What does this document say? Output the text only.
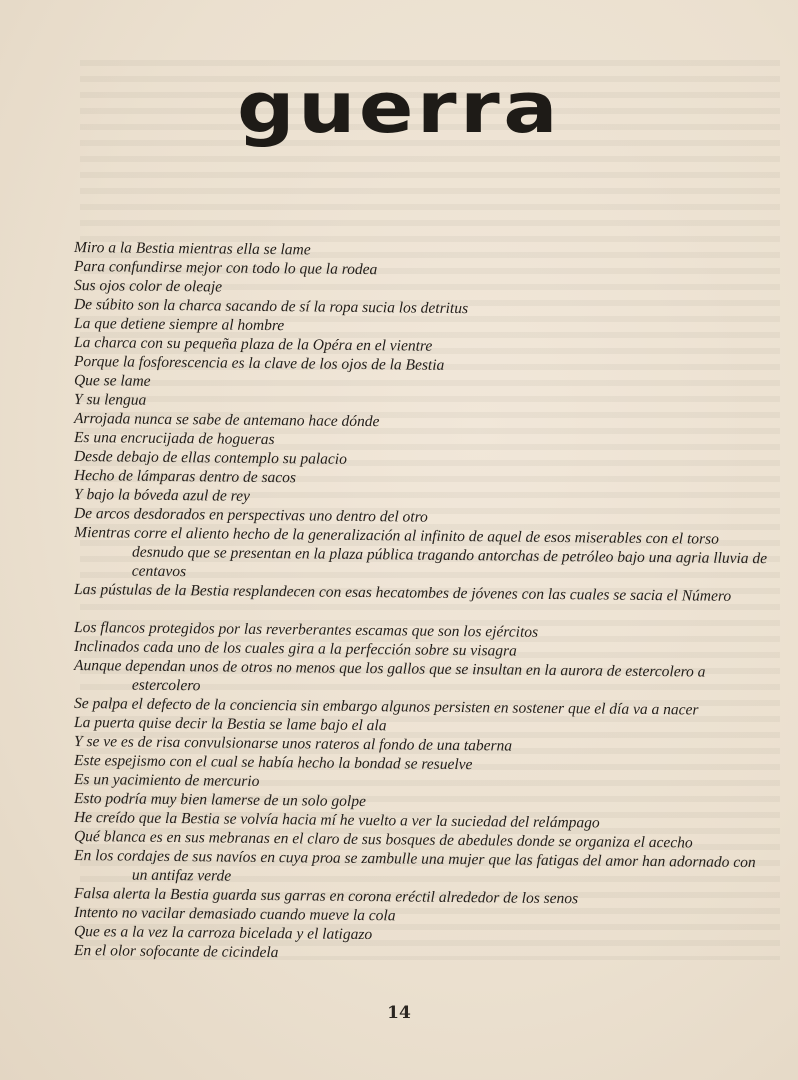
guerra
Miro a la Bestia mientras ella se lame
Para confundirse mejor con todo lo que la rodea
Sus ojos color de oleaje
De súbito son la charca sacando de sí la ropa sucia los detritus
La que detiene siempre al hombre
La charca con su pequeña plaza de la Opéra en el vientre
Porque la fosforescencia es la clave de los ojos de la Bestia
Que se lame
Y su lengua
Arrojada nunca se sabe de antemano hace dónde
Es una encrucijada de hogueras
Desde debajo de ellas contemplo su palacio
Hecho de lámparas dentro de sacos
Y bajo la bóveda azul de rey
De arcos desdorados en perspectivas uno dentro del otro
Mientras corre el aliento hecho de la generalización al infinito de aquel de esos miserables con el torso desnudo que se presentan en la plaza pública tragando antorchas de petróleo bajo una agria lluvia de centavos
Las pústulas de la Bestia resplandecen con esas hecatombes de jóvenes con las cuales se sacia el Número
Los flancos protegidos por las reverberantes escamas que son los ejércitos
Inclinados cada uno de los cuales gira a la perfección sobre su visagra
Aunque dependan unos de otros no menos que los gallos que se insultan en la aurora de estercolero a estercolero
Se palpa el defecto de la conciencia sin embargo algunos persisten en sostener que el día va a nacer
La puerta quise decir la Bestia se lame bajo el ala
Y se ve es de risa convulsionarse unos rateros al fondo de una taberna
Este espejismo con el cual se había hecho la bondad se resuelve
Es un yacimiento de mercurio
Esto podría muy bien lamerse de un solo golpe
He creído que la Bestia se volvía hacia mí he vuelto a ver la suciedad del relámpago
Qué blanca es en sus mebranas en el claro de sus bosques de abedules donde se organiza el acecho
En los cordajes de sus navíos en cuya proa se zambulle una mujer que las fatigas del amor han adornado con un antifaz verde
Falsa alerta la Bestia guarda sus garras en corona eréctil alrededor de los senos
Intento no vacilar demasiado cuando mueve la cola
Que es a la vez la carroza bicelada y el latigazo
En el olor sofocante de cicindela
14
